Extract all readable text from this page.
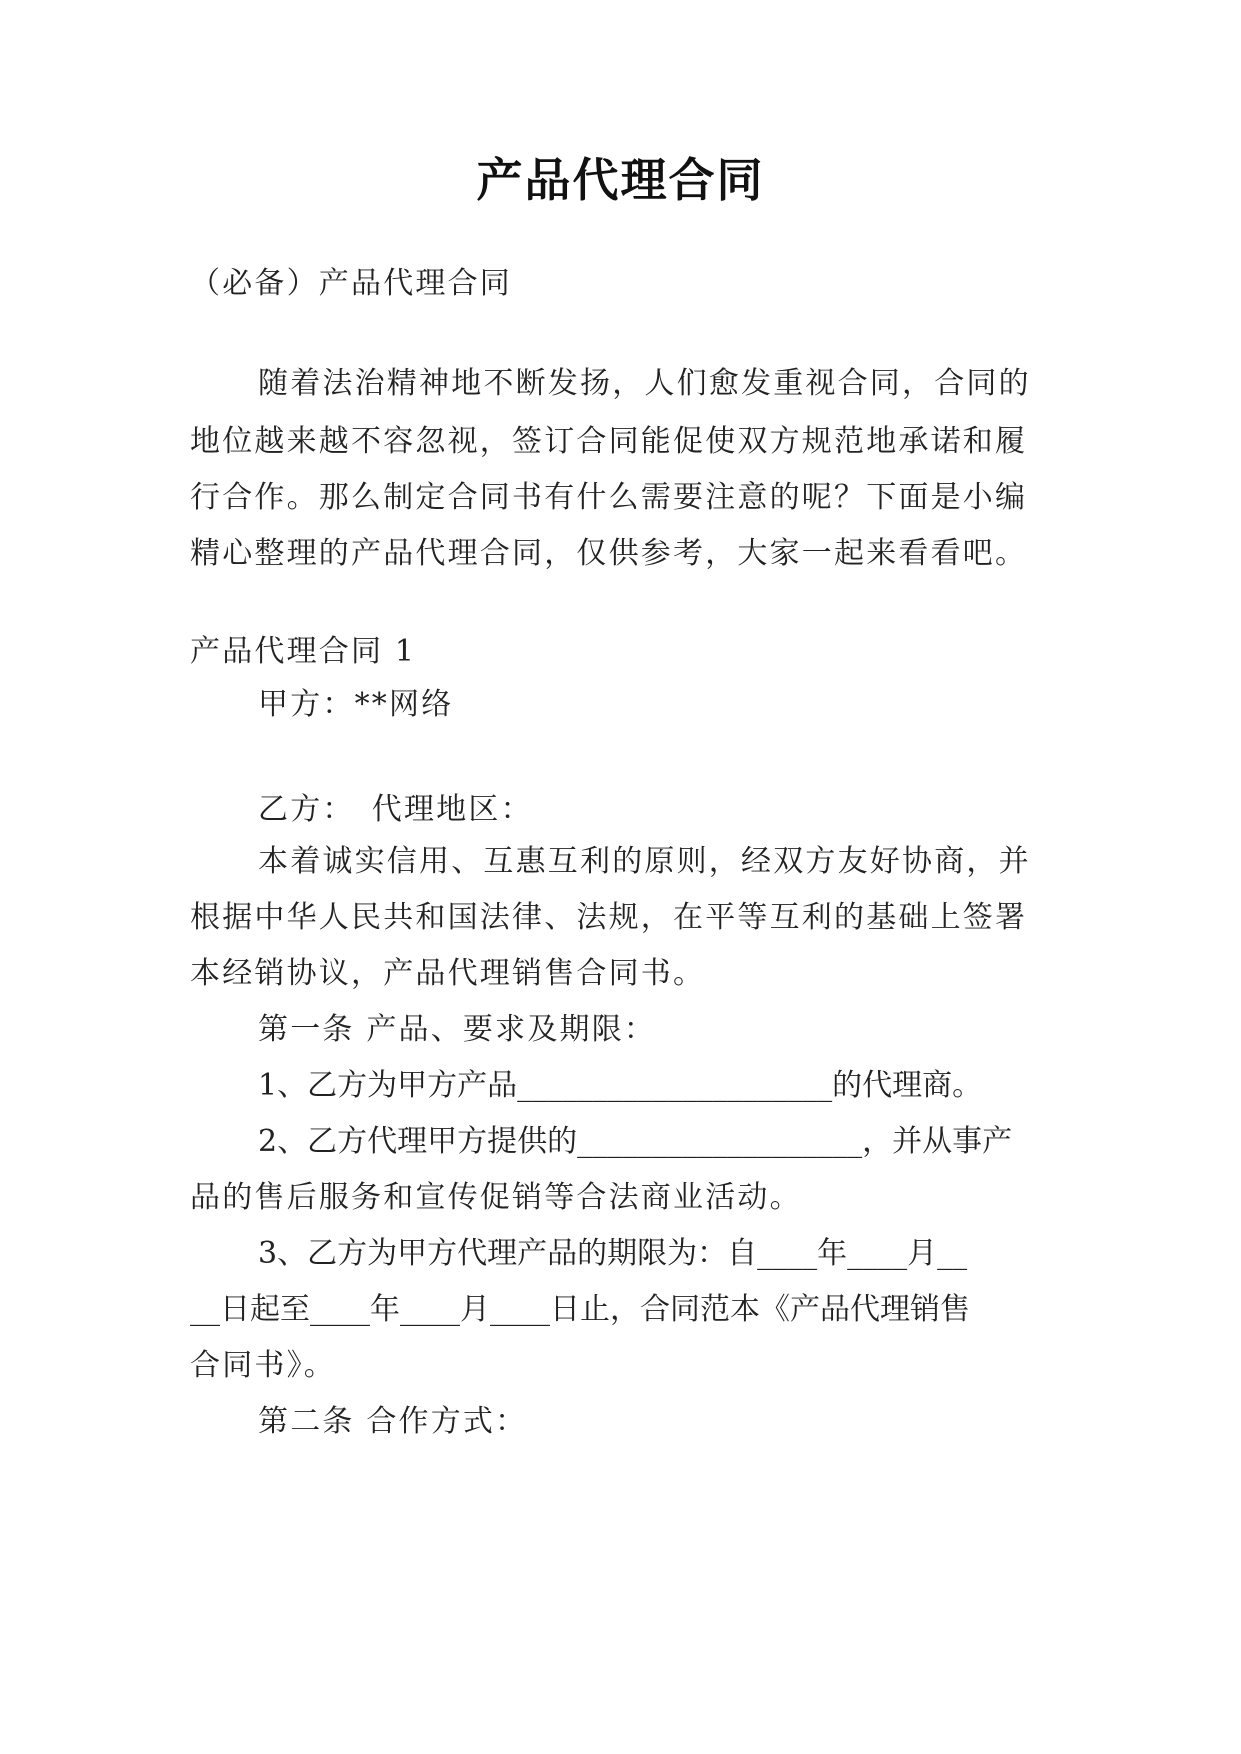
产品代理合同
（必备）产品代理合同
随着法治精神地不断发扬，人们愈发重视合同，合同的
地位越来越不容忽视，签订合同能促使双方规范地承诺和履
行合作。那么制定合同书有什么需要注意的呢？下面是小编
精心整理的产品代理合同，仅供参考，大家一起来看看吧。
产品代理合同 1
甲方：**网络
乙方：　代理地区：
本着诚实信用、互惠互利的原则，经双方友好协商，并
根据中华人民共和国法律、法规，在平等互利的基础上签署
本经销协议，产品代理销售合同书。
第一条 产品、要求及期限：
1、乙方为甲方产品_____________________的代理商。
2、乙方代理甲方提供的___________________，并从事产
品的售后服务和宣传促销等合法商业活动。
3、乙方为甲方代理产品的期限为：自____年____月__
__日起至____年____月____日止，合同范本《产品代理销售
合同书》。
第二条 合作方式：
